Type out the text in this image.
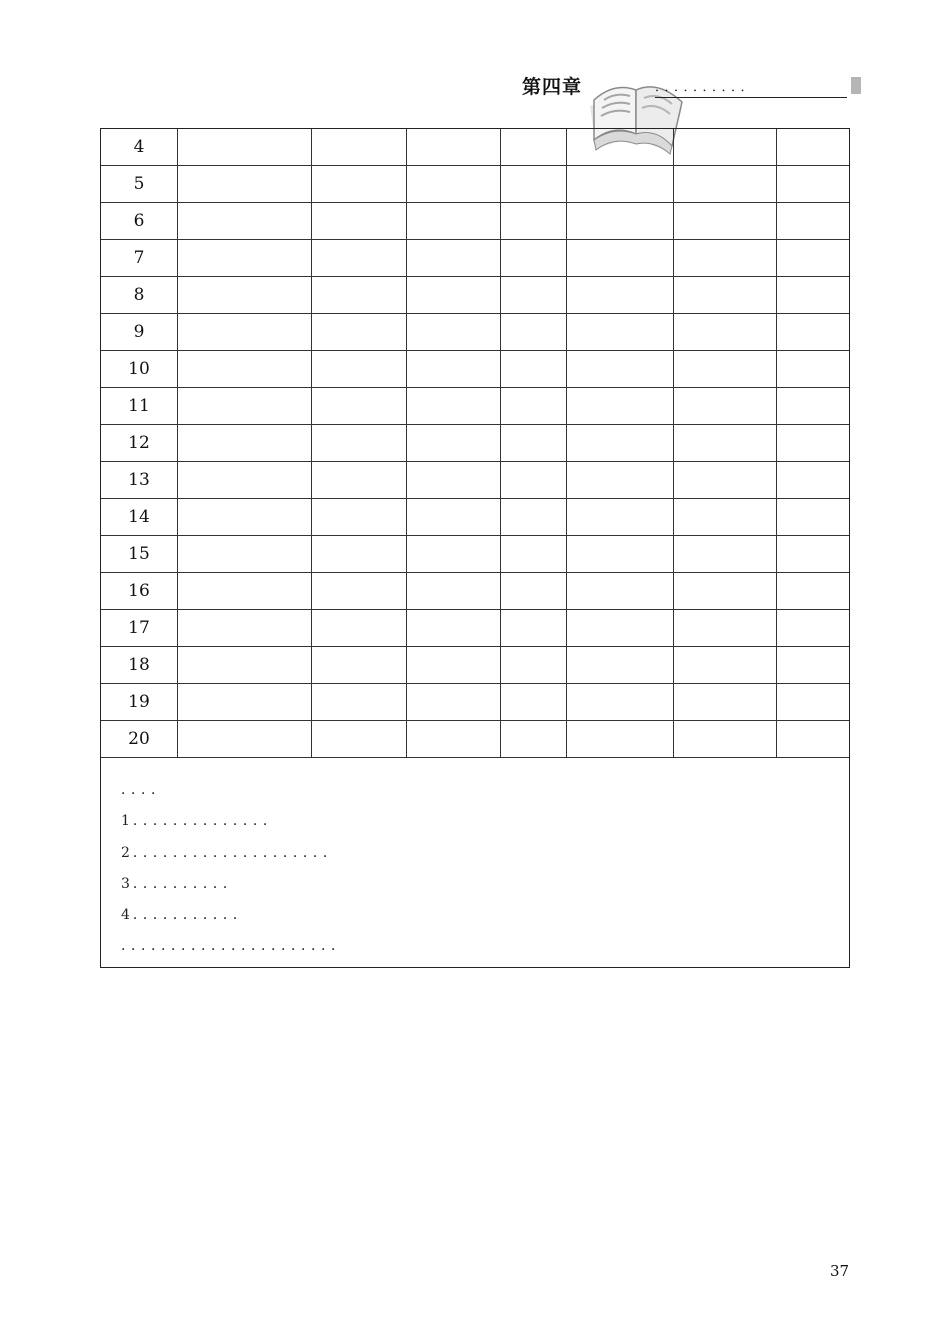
第四章	．．．．．．．．．．
20
19
18
17
16
15
14
13
12
11
10
9
8
7
6
5
4
．．．．
1．．．．．．．．．．．．．．
2．．．．．．．．．．．．．．．．．．．．
3．．．．．．．．．．
4．．．．．．．．．．．
．．．．．．．．．．．．．．．．．．．．．．
37
